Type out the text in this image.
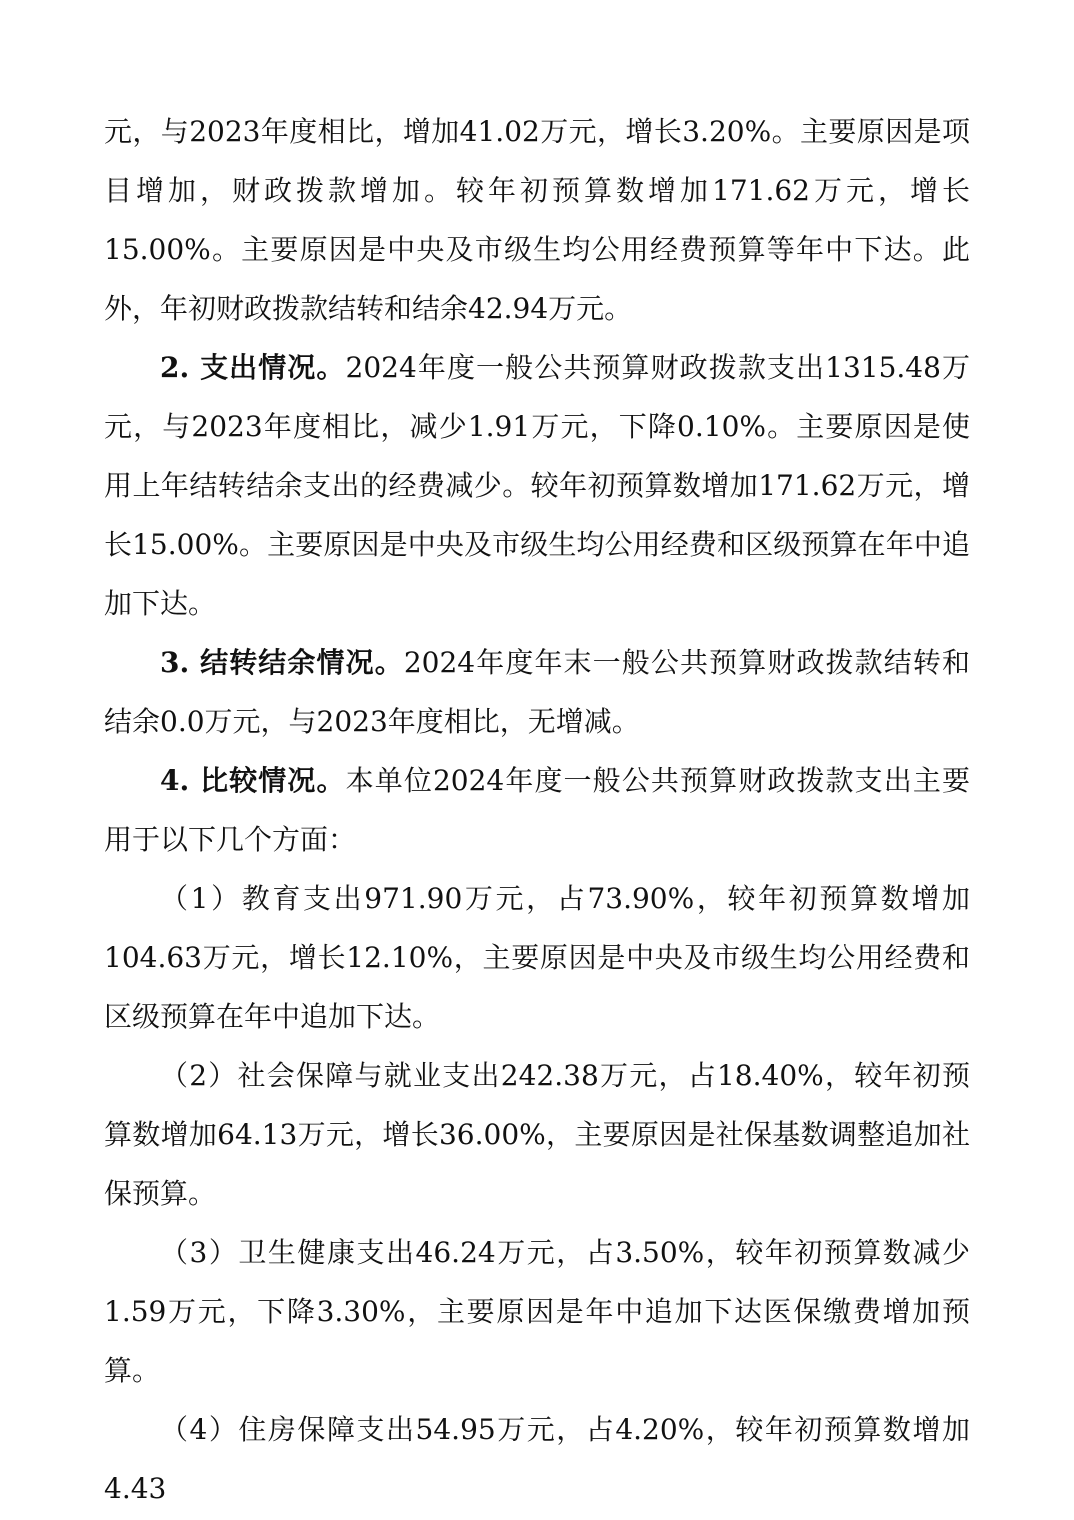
元，与2023年度相比，增加41.02万元，增长3.20%。主要原因是项目增加，财政拨款增加。较年初预算数增加171.62万元，增长15.00%。主要原因是中央及市级生均公用经费预算等年中下达。此外，年初财政拨款结转和结余42.94万元。

2. 支出情况。2024年度一般公共预算财政拨款支出1315.48万元，与2023年度相比，减少1.91万元，下降0.10%。主要原因是使用上年结转结余支出的经费减少。较年初预算数增加171.62万元，增长15.00%。主要原因是中央及市级生均公用经费和区级预算在年中追加下达。

3. 结转结余情况。2024年度年末一般公共预算财政拨款结转和结余0.0万元，与2023年度相比，无增减。

4. 比较情况。本单位2024年度一般公共预算财政拨款支出主要用于以下几个方面：

（1）教育支出971.90万元，占73.90%，较年初预算数增加104.63万元，增长12.10%，主要原因是中央及市级生均公用经费和区级预算在年中追加下达。

（2）社会保障与就业支出242.38万元，占18.40%，较年初预算数增加64.13万元，增长36.00%，主要原因是社保基数调整追加社保预算。

（3）卫生健康支出46.24万元，占3.50%，较年初预算数减少1.59万元，下降3.30%，主要原因是年中追加下达医保缴费增加预算。

（4）住房保障支出54.95万元，占4.20%，较年初预算数增加4.43
